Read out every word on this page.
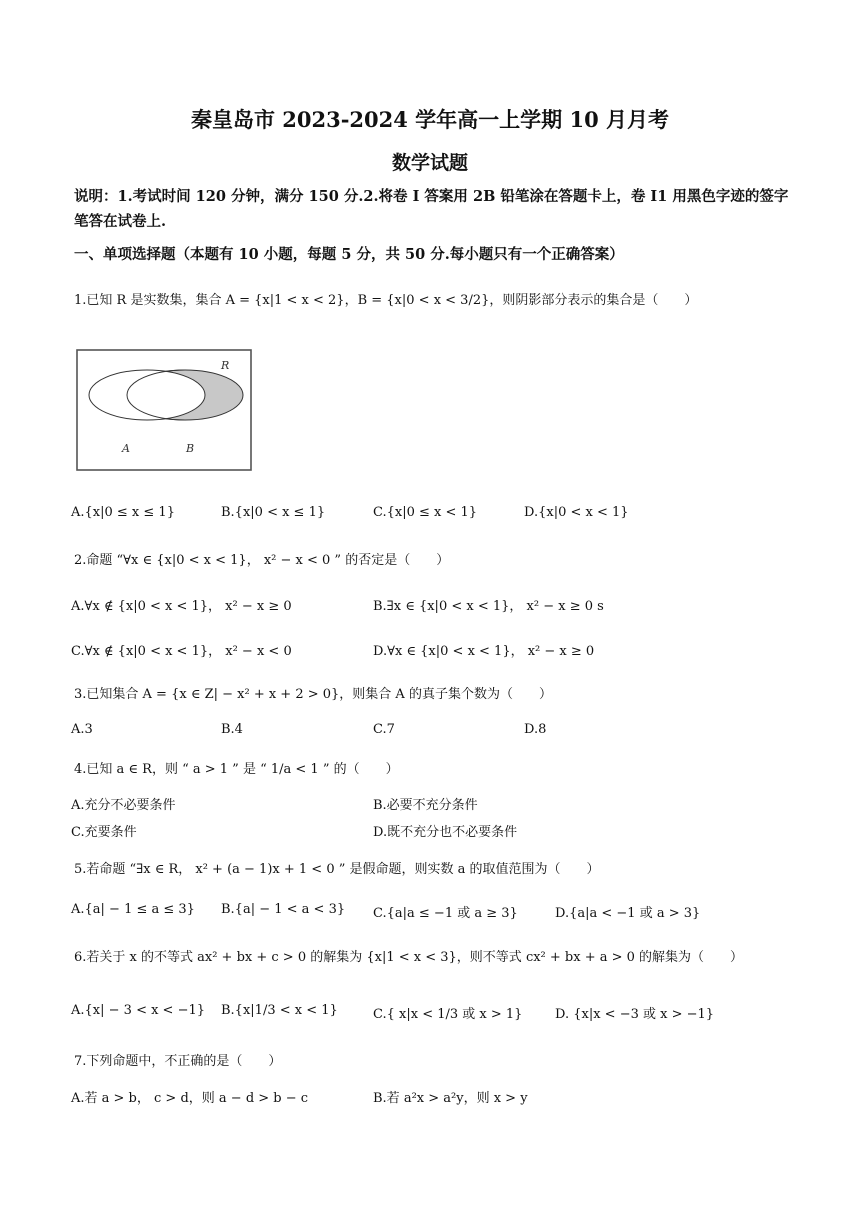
秦皇岛市 2023-2024 学年高一上学期 10 月月考
数学试题
说明：1.考试时间 120 分钟，满分 150 分.2.将卷 I 答案用 2B 铅笔涂在答题卡上，卷 I1 用黑色字迹的签字笔答在试卷上.
一、单项选择题（本题有 10 小题，每题 5 分，共 50 分.每小题只有一个正确答案）
1.已知 R 是实数集，集合 A = {x|1 < x < 2}，B = {x|0 < x < 3/2}，则阴影部分表示的集合是（　　）
R
A	B
A.{x|0 ≤ x ≤ 1}	B.{x|0 < x ≤ 1}	C.{x|0 ≤ x < 1}	D.{x|0 < x < 1}
2.命题 “∀x ∈ {x|0 < x < 1}， x² − x < 0 ” 的否定是（　　）
A.∀x ∉ {x|0 < x < 1}， x² − x ≥ 0	B.∃x ∈ {x|0 < x < 1}， x² − x ≥ 0 s
C.∀x ∉ {x|0 < x < 1}， x² − x < 0	D.∀x ∈ {x|0 < x < 1}， x² − x ≥ 0
3.已知集合 A = {x ∈ Z| − x² + x + 2 > 0}，则集合 A 的真子集个数为（　　）
A.3	B.4	C.7	D.8
4.已知 a ∈ R，则 “ a > 1 ” 是 “ 1/a < 1 ” 的（　　）
A.充分不必要条件	B.必要不充分条件
C.充要条件	D.既不充分也不必要条件
5.若命题 “∃x ∈ R， x² + (a − 1)x + 1 < 0 ” 是假命题，则实数 a 的取值范围为（　　）
A.{a| − 1 ≤ a ≤ 3} B.{a| − 1 < a < 3} C.{a|a ≤ −1 或 a ≥ 3}	D.{a|a < −1 或 a > 3}
6.若关于 x 的不等式 ax² + bx + c > 0 的解集为 {x|1 < x < 3}，则不等式 cx² + bx + a > 0 的解集为（　　）
A.{x| − 3 < x < −1} B.{x|1/3 < x < 1}	C.{ x|x < 1/3 或 x > 1}	D. {x|x < −3 或 x > −1}
7.下列命题中，不正确的是（　　）
A.若 a > b， c > d，则 a − d > b − c	B.若 a²x > a²y，则 x > y
